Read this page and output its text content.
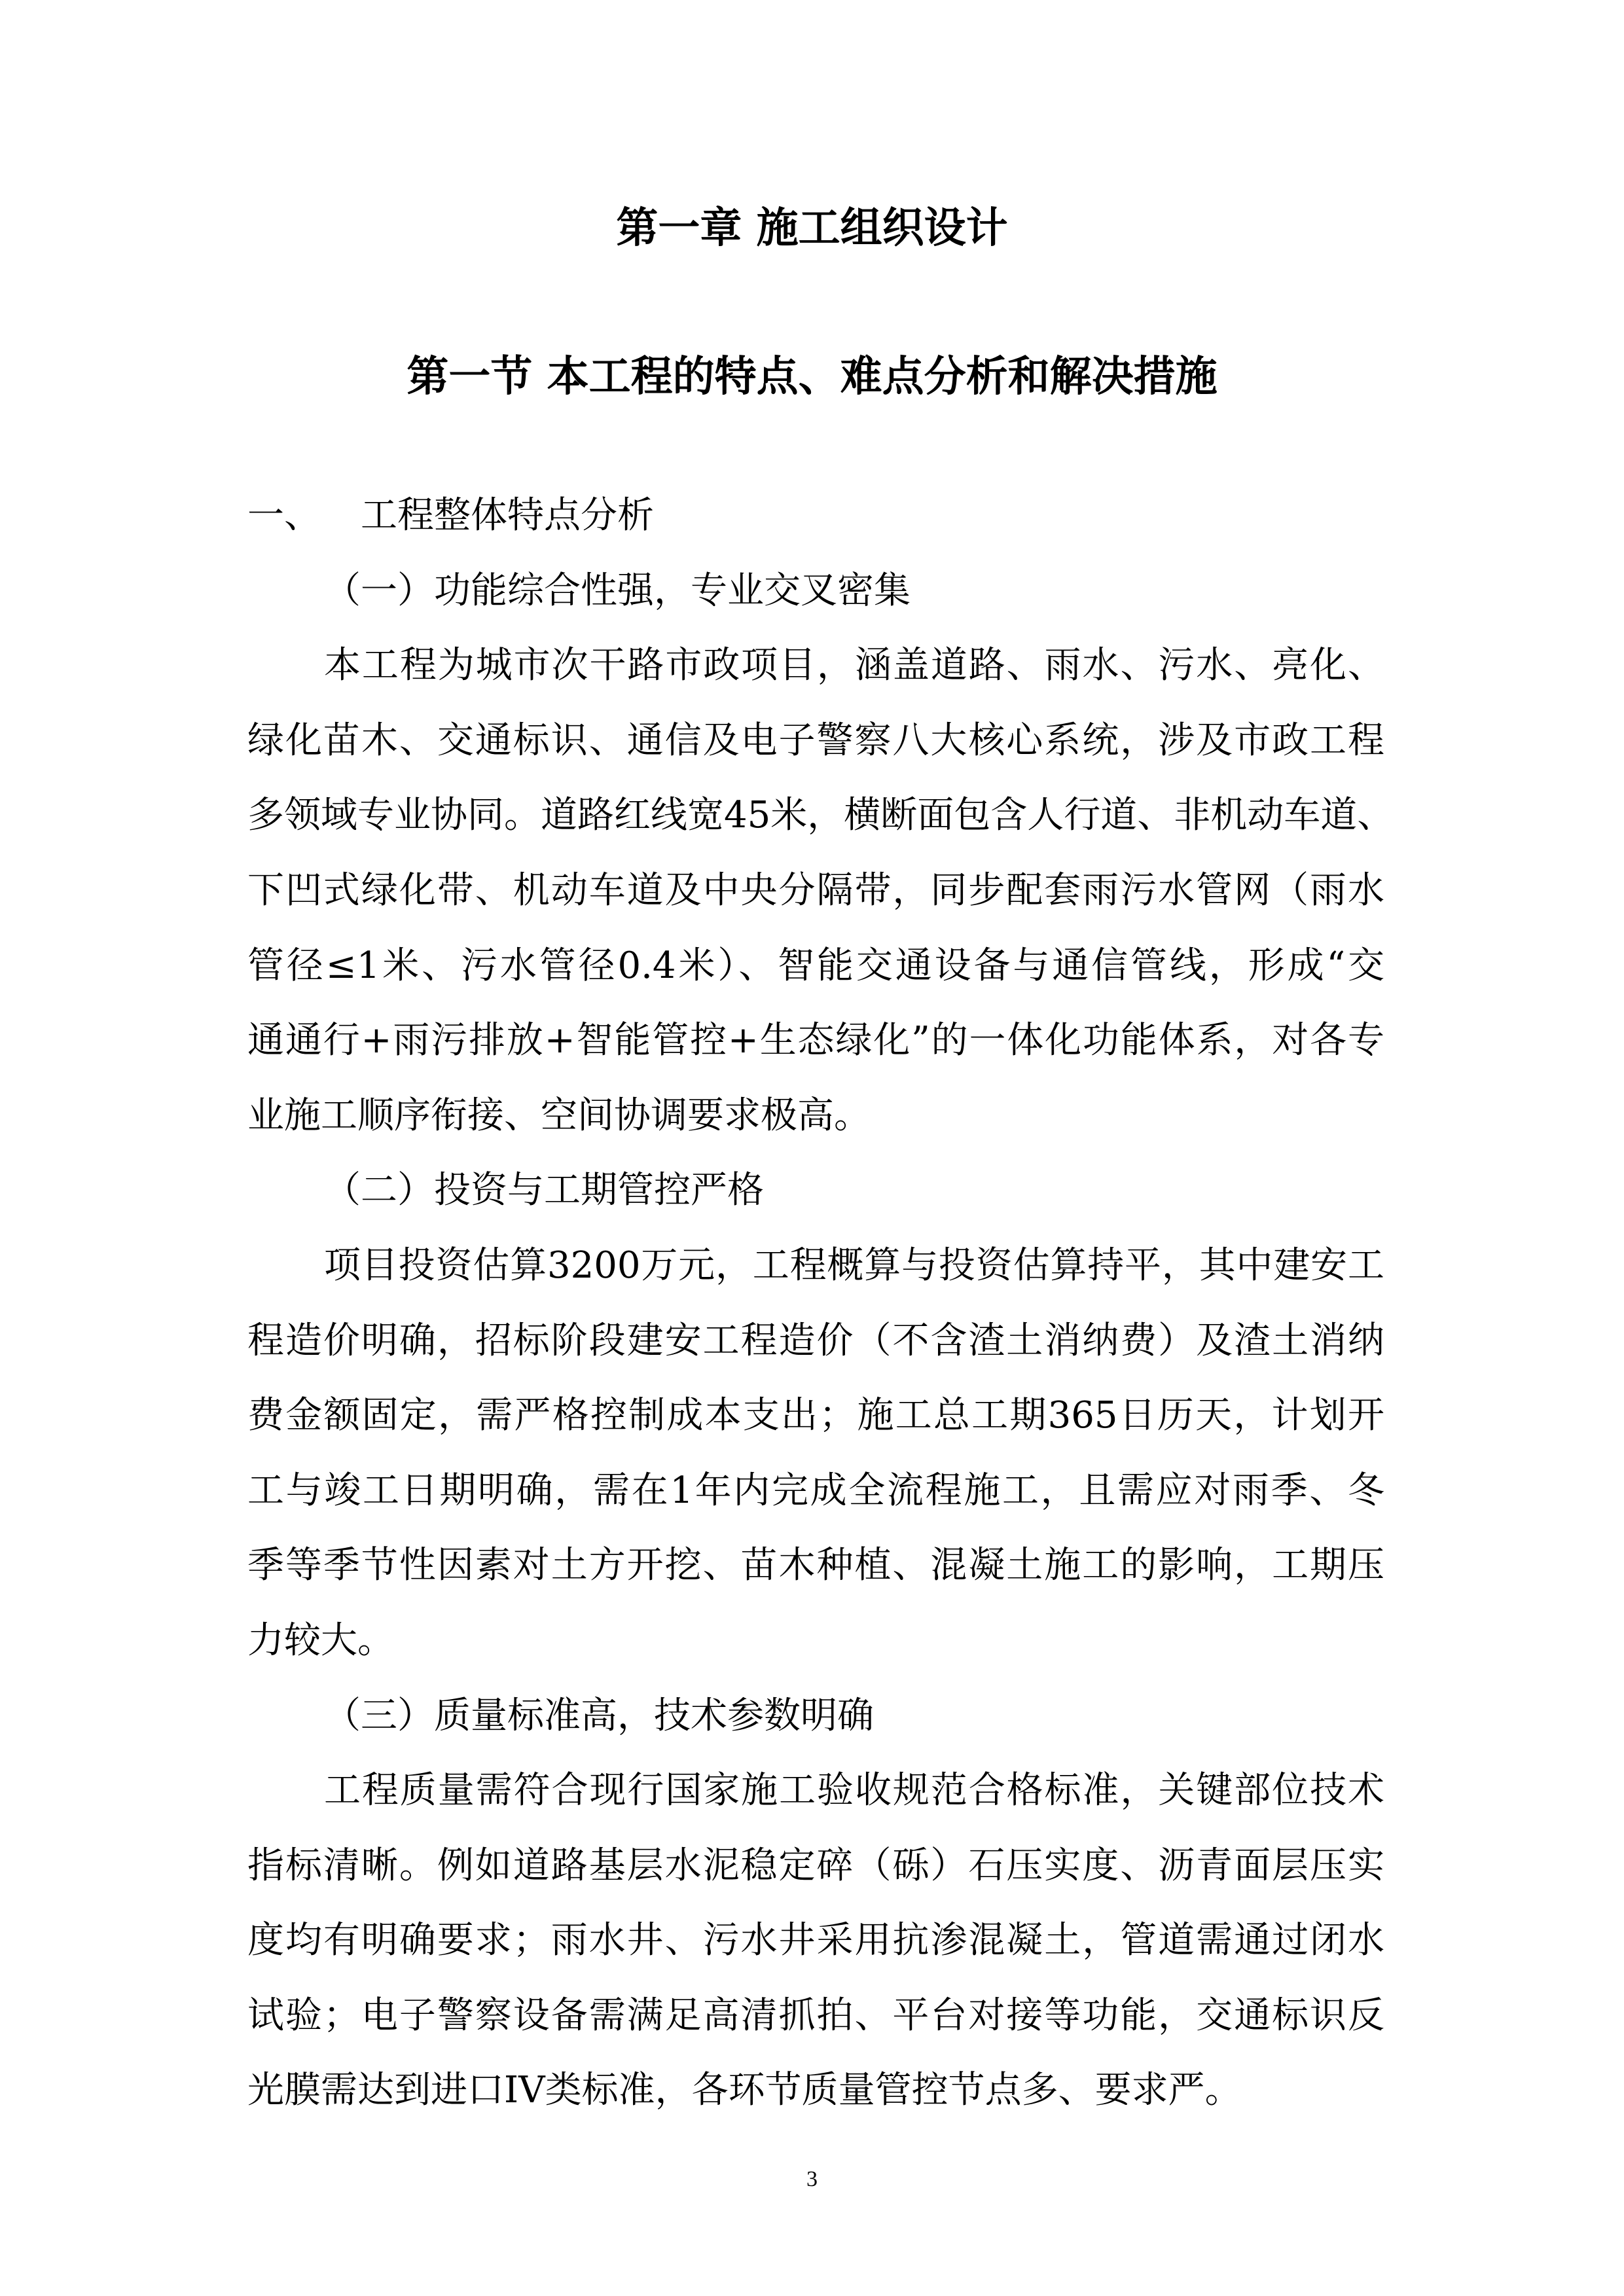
第一章 施工组织设计
第一节 本工程的特点、难点分析和解决措施
一、	工程整体特点分析
（一）功能综合性强，专业交叉密集
本工程为城市次干路市政项目，涵盖道路、雨水、污水、亮化、
绿化苗木、交通标识、通信及电子警察八大核心系统，涉及市政工程
多领域专业协同。道路红线宽45米，横断面包含人行道、非机动车道、
下凹式绿化带、机动车道及中央分隔带，同步配套雨污水管网（雨水
管径≤1米、污水管径0.4米）、智能交通设备与通信管线，形成“交
通通行+雨污排放+智能管控+生态绿化”的一体化功能体系，对各专
业施工顺序衔接、空间协调要求极高。
（二）投资与工期管控严格
项目投资估算3200万元，工程概算与投资估算持平，其中建安工
程造价明确，招标阶段建安工程造价（不含渣土消纳费）及渣土消纳
费金额固定，需严格控制成本支出；施工总工期365日历天，计划开
工与竣工日期明确，需在1年内完成全流程施工，且需应对雨季、冬
季等季节性因素对土方开挖、苗木种植、混凝土施工的影响，工期压
力较大。
（三）质量标准高，技术参数明确
工程质量需符合现行国家施工验收规范合格标准，关键部位技术
指标清晰。例如道路基层水泥稳定碎（砾）石压实度、沥青面层压实
度均有明确要求；雨水井、污水井采用抗渗混凝土，管道需通过闭水
试验；电子警察设备需满足高清抓拍、平台对接等功能，交通标识反
光膜需达到进口IV类标准，各环节质量管控节点多、要求严。
3
